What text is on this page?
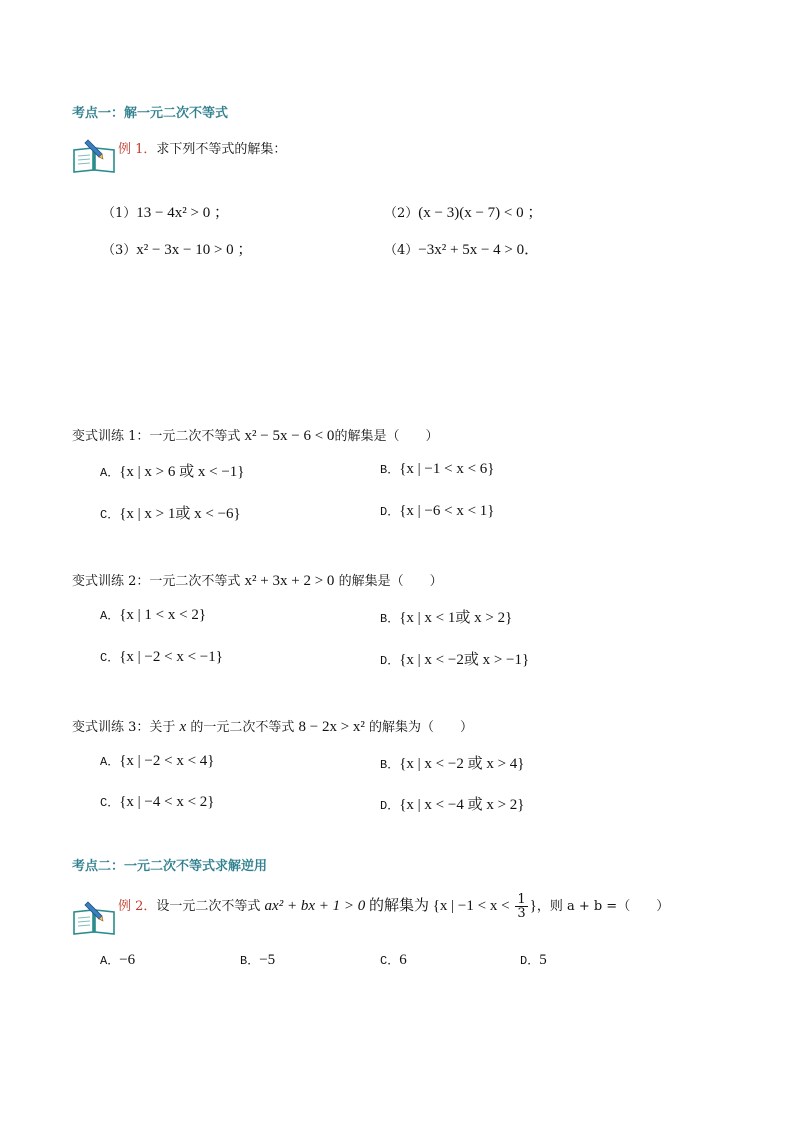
考点一：解一元二次不等式
例 1．求下列不等式的解集：
（1）13 − 4x² > 0 ；	（2）(x − 3)(x − 7) < 0 ；
（3）x² − 3x − 10 > 0 ；	（4）−3x² + 5x − 4 > 0．
变式训练 1：一元二次不等式 x² − 5x − 6 < 0的解集是（　　）
A．{x | x > 6 或 x < −1}	B．{x | −1 < x < 6}
C．{x | x > 1或 x < −6}	D．{x | −6 < x < 1}
变式训练 2：一元二次不等式 x² + 3x + 2 > 0 的解集是（　　）
A．{x | 1 < x < 2}	B．{x | x < 1或 x > 2}
C．{x | −2 < x < −1}	D．{x | x < −2或 x > −1}
变式训练 3：关于 x 的一元二次不等式 8 − 2x > x² 的解集为（　　）
A．{x | −2 < x < 4}	B．{x | x < −2 或 x > 4}
C．{x | −4 < x < 2}	D．{x | x < −4 或 x > 2}
考点二：一元二次不等式求解逆用
例 2．设一元二次不等式 ax² + bx + 1 > 0 的解集为 {x | $-1 < x < \frac{1}{3}$ }，则 a + b =（　　）
A．−6	B．−5	C．6	D．5
